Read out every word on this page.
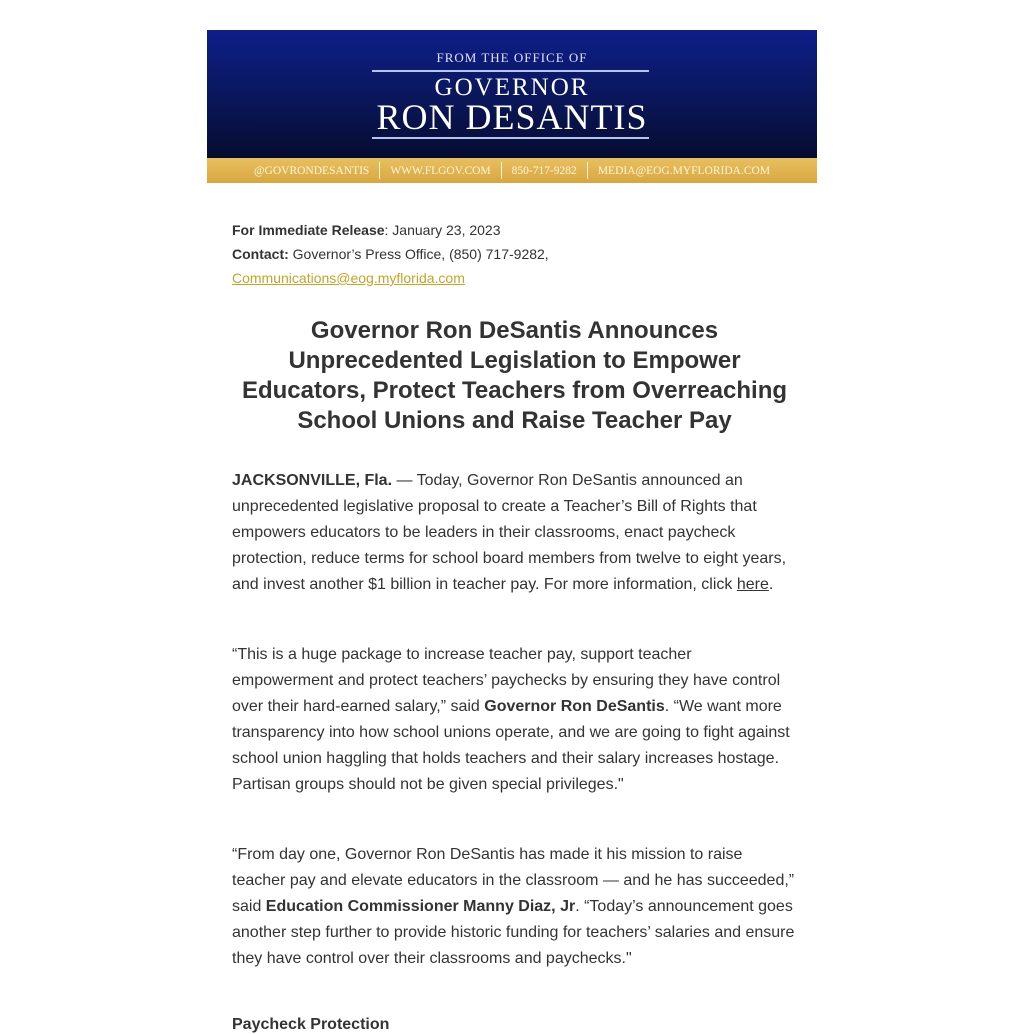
FROM THE OFFICE OF
GOVERNOR
RON DESANTIS
@GOVRONDESANTIS WWW.FLGOV.COM 850-717-9282 MEDIA@EOG.MYFLORIDA.COM
For Immediate Release: January 23, 2023
Contact: Governor’s Press Office, (850) 717-9282,
Communications@eog.myflorida.com
Governor Ron DeSantis Announces Unprecedented Legislation to Empower Educators, Protect Teachers from Overreaching School Unions and Raise Teacher Pay

JACKSONVILLE, Fla. — Today, Governor Ron DeSantis announced an unprecedented legislative proposal to create a Teacher’s Bill of Rights that empowers educators to be leaders in their classrooms, enact paycheck protection, reduce terms for school board members from twelve to eight years, and invest another $1 billion in teacher pay. For more information, click here.

“This is a huge package to increase teacher pay, support teacher empowerment and protect teachers’ paychecks by ensuring they have control over their hard-earned salary,” said Governor Ron DeSantis. “We want more transparency into how school unions operate, and we are going to fight against school union haggling that holds teachers and their salary increases hostage. Partisan groups should not be given special privileges."

“From day one, Governor Ron DeSantis has made it his mission to raise teacher pay and elevate educators in the classroom — and he has succeeded,” said Education Commissioner Manny Diaz, Jr. “Today’s announcement goes another step further to provide historic funding for teachers’ salaries and ensure they have control over their classrooms and paychecks."

Paycheck Protection
